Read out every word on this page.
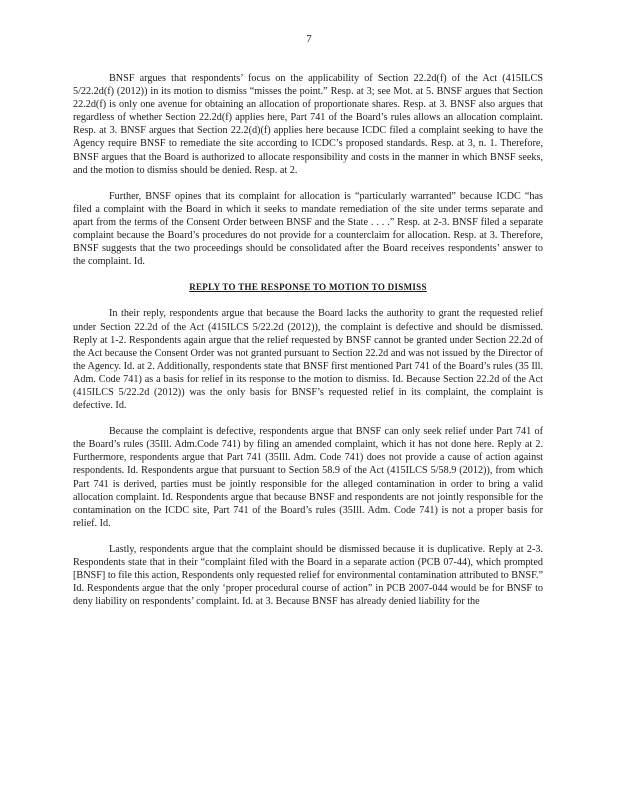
7

BNSF argues that respondents’ focus on the applicability of Section 22.2d(f) of the Act (415ILCS 5/22.2d(f) (2012)) in its motion to dismiss “misses the point.” Resp. at 3; see Mot. at 5. BNSF argues that Section 22.2d(f) is only one avenue for obtaining an allocation of proportionate shares. Resp. at 3. BNSF also argues that regardless of whether Section 22.2d(f) applies here, Part 741 of the Board’s rules allows an allocation complaint. Resp. at 3. BNSF argues that Section 22.2(d)(f) applies here because ICDC filed a complaint seeking to have the Agency require BNSF to remediate the site according to ICDC’s proposed standards. Resp. at 3, n. 1. Therefore, BNSF argues that the Board is authorized to allocate responsibility and costs in the manner in which BNSF seeks, and the motion to dismiss should be denied. Resp. at 2.

Further, BNSF opines that its complaint for allocation is “particularly warranted” because ICDC “has filed a complaint with the Board in which it seeks to mandate remediation of the site under terms separate and apart from the terms of the Consent Order between BNSF and the State . . . .” Resp. at 2-3. BNSF filed a separate complaint because the Board’s procedures do not provide for a counterclaim for allocation. Resp. at 3. Therefore, BNSF suggests that the two proceedings should be consolidated after the Board receives respondents’ answer to the complaint. Id.

REPLY TO THE RESPONSE TO MOTION TO DISMISS

In their reply, respondents argue that because the Board lacks the authority to grant the requested relief under Section 22.2d of the Act (415ILCS 5/22.2d (2012)), the complaint is defective and should be dismissed. Reply at 1-2. Respondents again argue that the relief requested by BNSF cannot be granted under Section 22.2d of the Act because the Consent Order was not granted pursuant to Section 22.2d and was not issued by the Director of the Agency. Id. at 2. Additionally, respondents state that BNSF first mentioned Part 741 of the Board’s rules (35 Ill. Adm. Code 741) as a basis for relief in its response to the motion to dismiss. Id. Because Section 22.2d of the Act (415ILCS 5/22.2d (2012)) was the only basis for BNSF’s requested relief in its complaint, the complaint is defective. Id.

Because the complaint is defective, respondents argue that BNSF can only seek relief under Part 741 of the Board’s rules (35Ill. Adm.Code 741) by filing an amended complaint, which it has not done here. Reply at 2. Furthermore, respondents argue that Part 741 (35Ill. Adm. Code 741) does not provide a cause of action against respondents. Id. Respondents argue that pursuant to Section 58.9 of the Act (415ILCS 5/58.9 (2012)), from which Part 741 is derived, parties must be jointly responsible for the alleged contamination in order to bring a valid allocation complaint. Id. Respondents argue that because BNSF and respondents are not jointly responsible for the contamination on the ICDC site, Part 741 of the Board’s rules (35Ill. Adm. Code 741) is not a proper basis for relief. Id.

Lastly, respondents argue that the complaint should be dismissed because it is duplicative. Reply at 2-3. Respondents state that in their “complaint filed with the Board in a separate action (PCB 07-44), which prompted [BNSF] to file this action, Respondents only requested relief for environmental contamination attributed to BNSF.” Id. Respondents argue that the only ‘proper procedural course of action” in PCB 2007-044 would be for BNSF to deny liability on respondents’ complaint. Id. at 3. Because BNSF has already denied liability for the
